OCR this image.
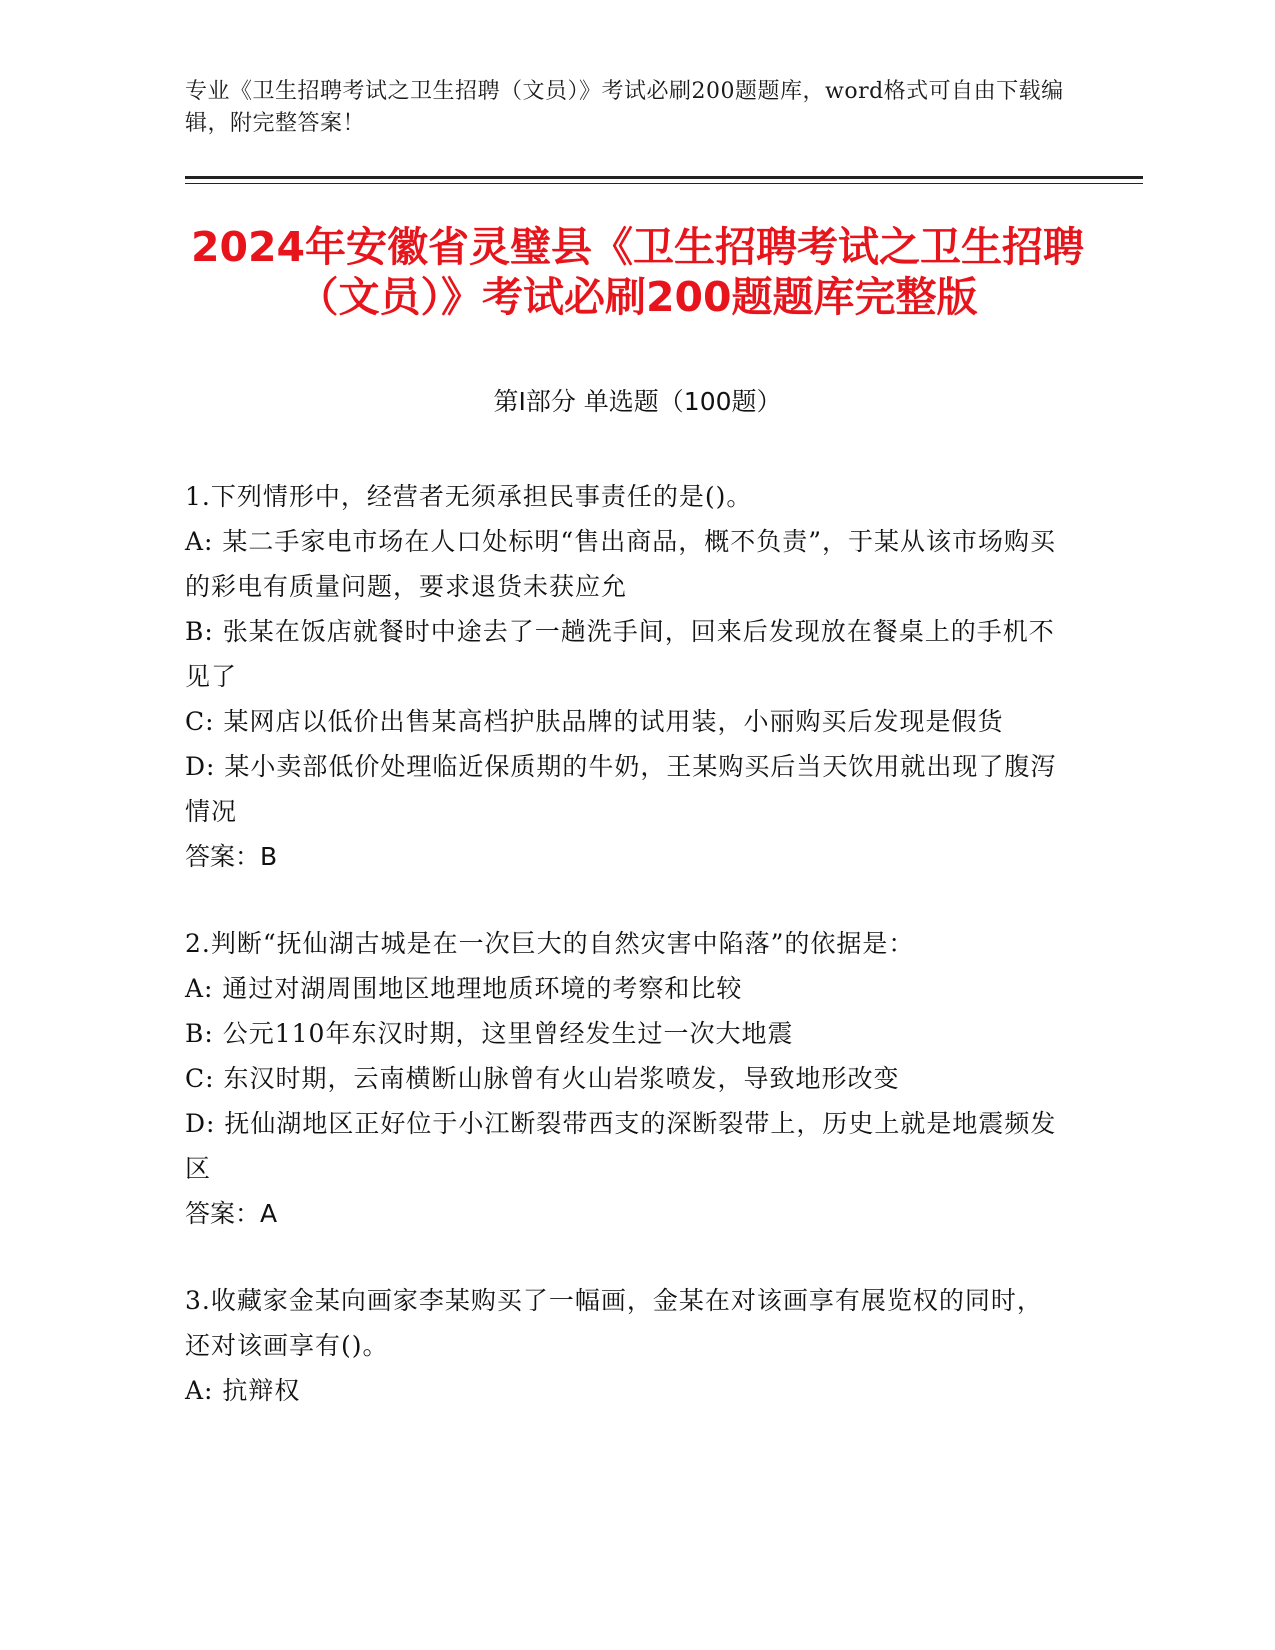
专业《卫生招聘考试之卫生招聘（文员）》考试必刷200题题库，word格式可自由下载编辑，附完整答案！
2024年安徽省灵璧县《卫生招聘考试之卫生招聘（文员）》考试必刷200题题库完整版
第I部分 单选题（100题）

1.下列情形中，经营者无须承担民事责任的是()。

A: 某二手家电市场在人口处标明“售出商品，概不负责”，于某从该市场购买的彩电有质量问题，要求退货未获应允

B: 张某在饭店就餐时中途去了一趟洗手间，回来后发现放在餐桌上的手机不见了

C: 某网店以低价出售某高档护肤品牌的试用装，小丽购买后发现是假货

D: 某小卖部低价处理临近保质期的牛奶，王某购买后当天饮用就出现了腹泻情况

答案：B

2.判断“抚仙湖古城是在一次巨大的自然灾害中陷落”的依据是：

A: 通过对湖周围地区地理地质环境的考察和比较

B: 公元110年东汉时期，这里曾经发生过一次大地震

C: 东汉时期，云南横断山脉曾有火山岩浆喷发，导致地形改变

D: 抚仙湖地区正好位于小江断裂带西支的深断裂带上，历史上就是地震频发区

答案：A

3.收藏家金某向画家李某购买了一幅画，金某在对该画享有展览权的同时，还对该画享有()。

A: 抗辩权
